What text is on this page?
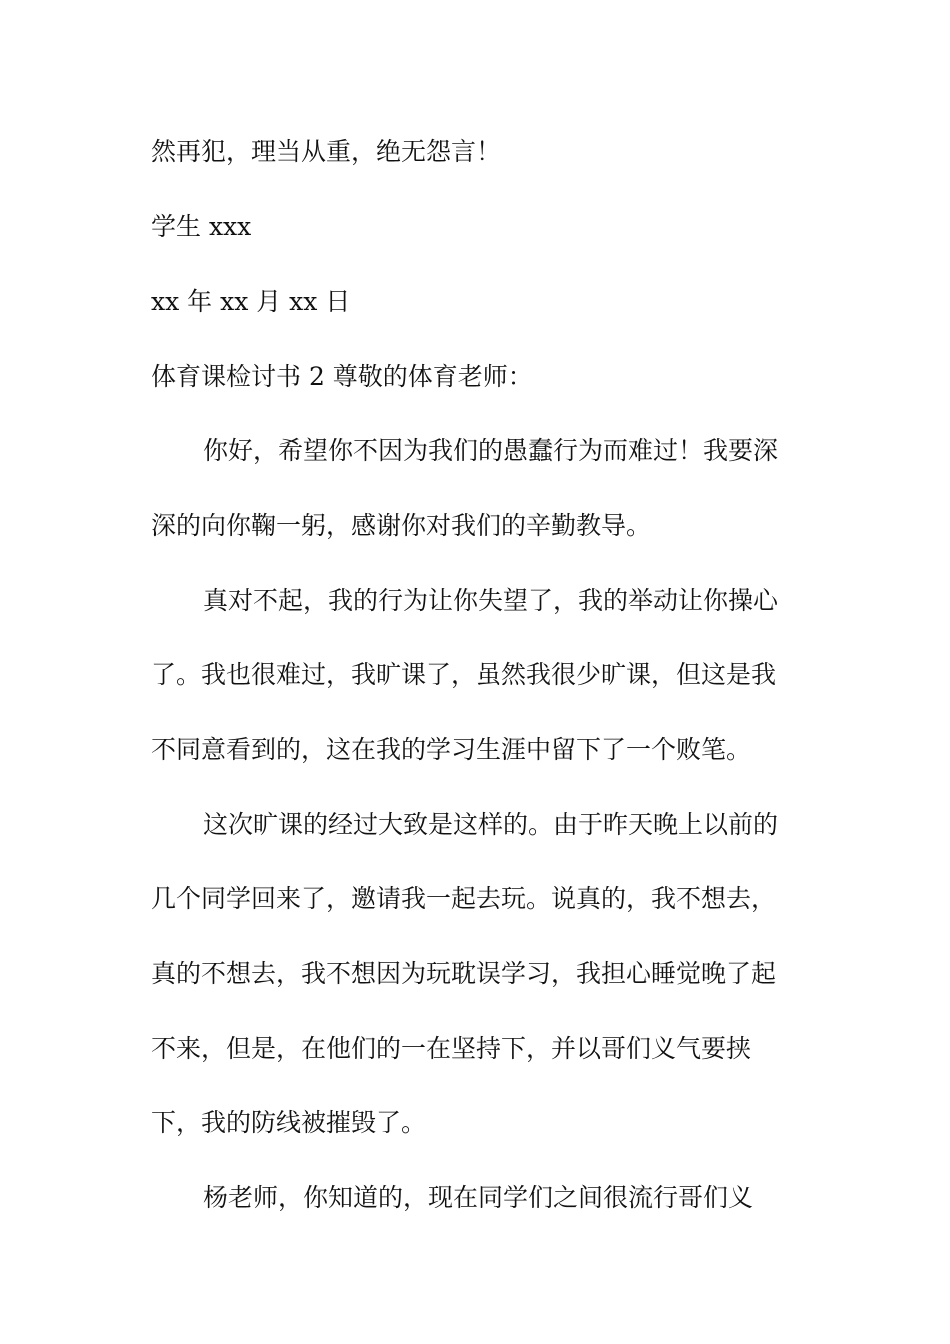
然再犯，理当从重，绝无怨言！

学生 xxx

xx 年 xx 月 xx 日

体育课检讨书 2 尊敬的体育老师：

你好，希望你不因为我们的愚蠢行为而难过！我要深

深的向你鞠一躬，感谢你对我们的辛勤教导。

真对不起，我的行为让你失望了，我的举动让你操心

了。我也很难过，我旷课了，虽然我很少旷课，但这是我

不同意看到的，这在我的学习生涯中留下了一个败笔。

这次旷课的经过大致是这样的。由于昨天晚上以前的

几个同学回来了，邀请我一起去玩。说真的，我不想去，

真的不想去，我不想因为玩耽误学习，我担心睡觉晚了起

不来，但是，在他们的一在坚持下，并以哥们义气要挟

下，我的防线被摧毁了。

杨老师，你知道的，现在同学们之间很流行哥们义
